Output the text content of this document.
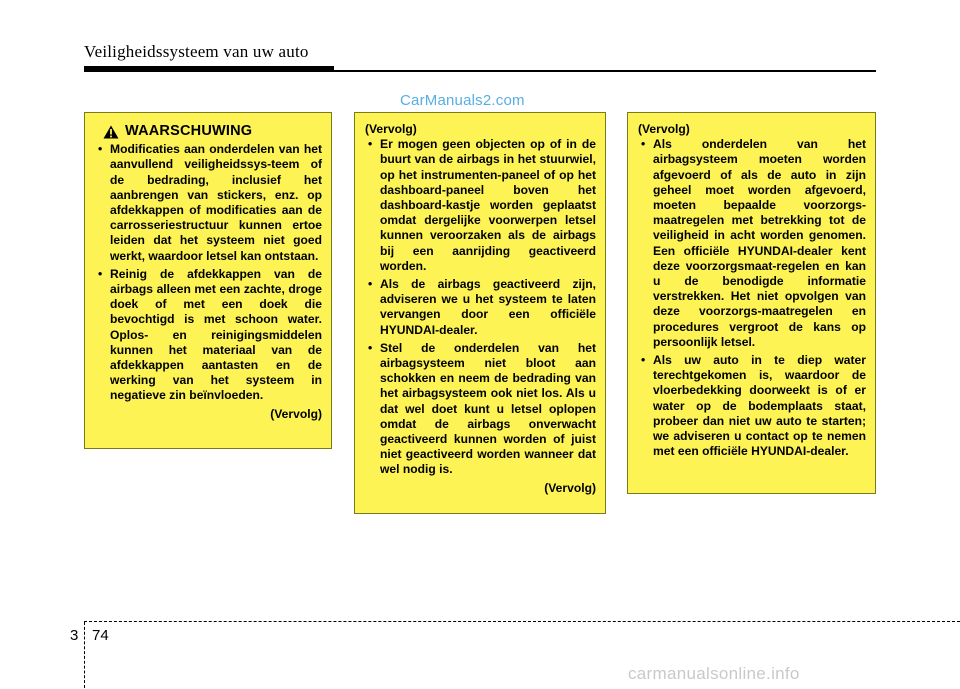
Veiligheidssysteem van uw auto
CarManuals2.com
WAARSCHUWING
• Modificaties aan onderdelen van het aanvullend veiligheidssys-teem of de bedrading, inclusief het aanbrengen van stickers, enz. op afdekkappen of modificaties aan de carrosseriestructuur kunnen ertoe leiden dat het systeem niet goed werkt, waardoor letsel kan ontstaan.
• Reinig de afdekkappen van de airbags alleen met een zachte, droge doek of met een doek die bevochtigd is met schoon water. Oplos- en reinigingsmiddelen kunnen het materiaal van de afdekkappen aantasten en de werking van het systeem in negatieve zin beïnvloeden.
(Vervolg)
(Vervolg)
• Er mogen geen objecten op of in de buurt van de airbags in het stuurwiel, op het instrumenten-paneel of op het dashboard-paneel boven het dashboard-kastje worden geplaatst omdat dergelijke voorwerpen letsel kunnen veroorzaken als de airbags bij een aanrijding geactiveerd worden.
• Als de airbags geactiveerd zijn, adviseren we u het systeem te laten vervangen door een officiële HYUNDAI-dealer.
• Stel de onderdelen van het airbagsysteem niet bloot aan schokken en neem de bedrading van het airbagsysteem ook niet los. Als u dat wel doet kunt u letsel oplopen omdat de airbags onverwacht geactiveerd kunnen worden of juist niet geactiveerd worden wanneer dat wel nodig is.
(Vervolg)
(Vervolg)
• Als onderdelen van het airbagsysteem moeten worden afgevoerd of als de auto in zijn geheel moet worden afgevoerd, moeten bepaalde voorzorgs-maatregelen met betrekking tot de veiligheid in acht worden genomen. Een officiële HYUNDAI-dealer kent deze voorzorgsmaat-regelen en kan u de benodigde informatie verstrekken. Het niet opvolgen van deze voorzorgs-maatregelen en procedures vergroot de kans op persoonlijk letsel.
• Als uw auto in te diep water terechtgekomen is, waardoor de vloerbedekking doorweekt is of er water op de bodemplaats staat, probeer dan niet uw auto te starten; we adviseren u contact op te nemen met een officiële HYUNDAI-dealer.
3 74
carmanualsonline.info
